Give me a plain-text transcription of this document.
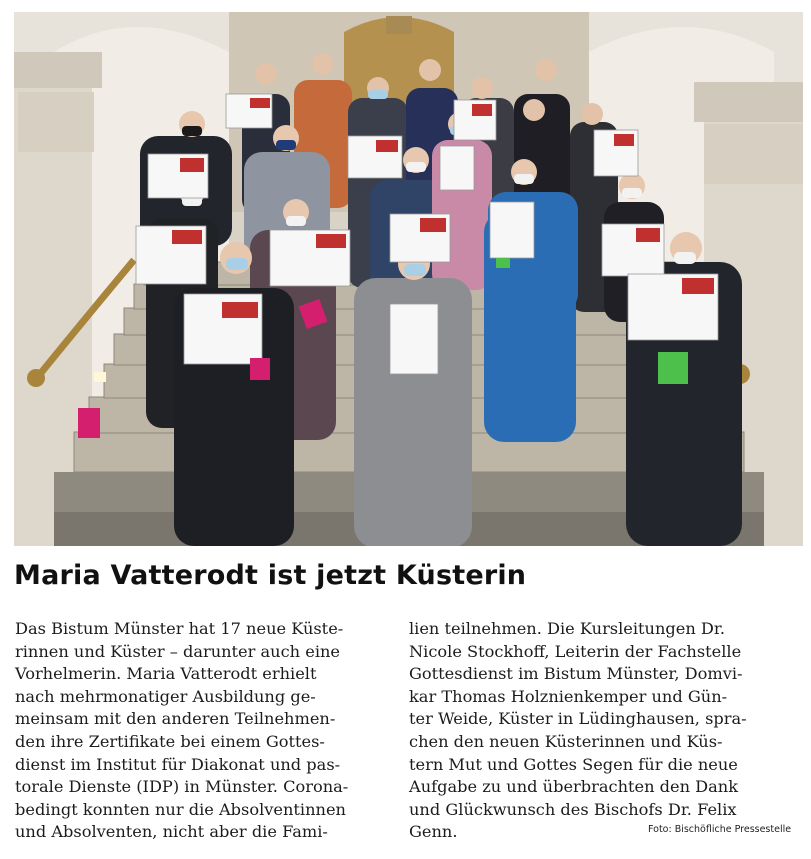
Maria Vatterodt ist jetzt Küsterin
Das Bistum Münster hat 17 neue Küste-
rinnen und Küster – darunter auch eine
Vorhelmerin. Maria Vatterodt erhielt
nach mehrmonatiger Ausbildung ge-
meinsam mit den anderen Teilnehmen-
den ihre Zertifikate bei einem Gottes-
dienst im Institut für Diakonat und pas-
torale Dienste (IDP) in Münster. Corona-
bedingt konnten nur die Absolventinnen
und Absolventen, nicht aber die Fami-
lien teilnehmen. Die Kursleitungen Dr.
Nicole Stockhoff, Leiterin der Fachstelle
Gottesdienst im Bistum Münster, Domvi-
kar Thomas Holznienkemper und Gün-
ter Weide, Küster in Lüdinghausen, spra-
chen den neuen Küsterinnen und Küs-
tern Mut und Gottes Segen für die neue
Aufgabe zu und überbrachten den Dank
und Glückwunsch des Bischofs Dr. Felix
Genn.	Foto: Bischöfliche Pressestelle
